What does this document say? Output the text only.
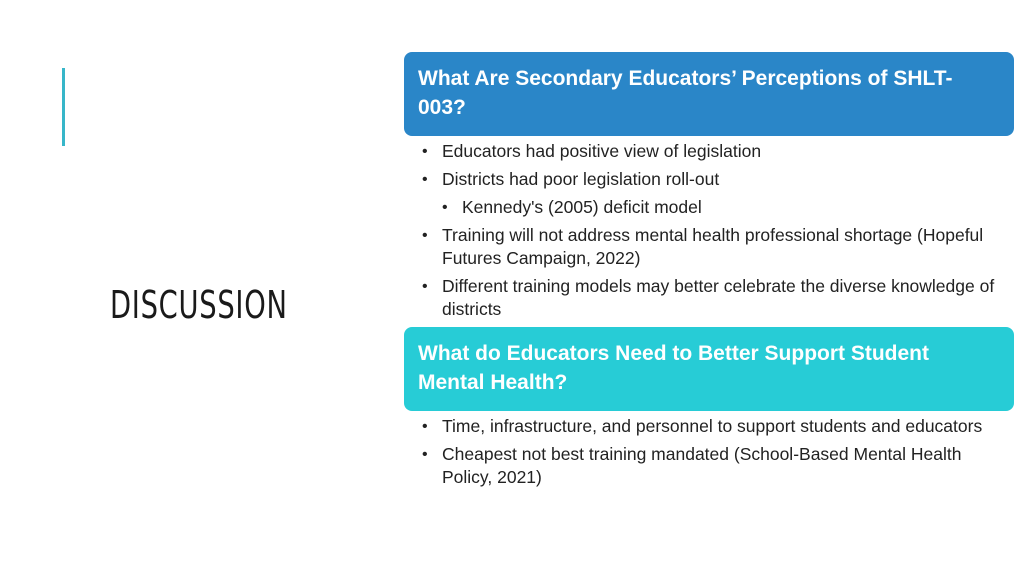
DISCUSSION
What Are Secondary Educators’ Perceptions of SHLT-003?
• Educators had positive view of legislation
• Districts had poor legislation roll-out
• Kennedy's (2005) deficit model
• Training will not address mental health professional shortage (Hopeful Futures Campaign, 2022)
• Different training models may better celebrate the diverse knowledge of districts
What do Educators Need to Better Support Student Mental Health?
• Time, infrastructure, and personnel to support students and educators
• Cheapest not best training mandated (School-Based Mental Health Policy, 2021)
